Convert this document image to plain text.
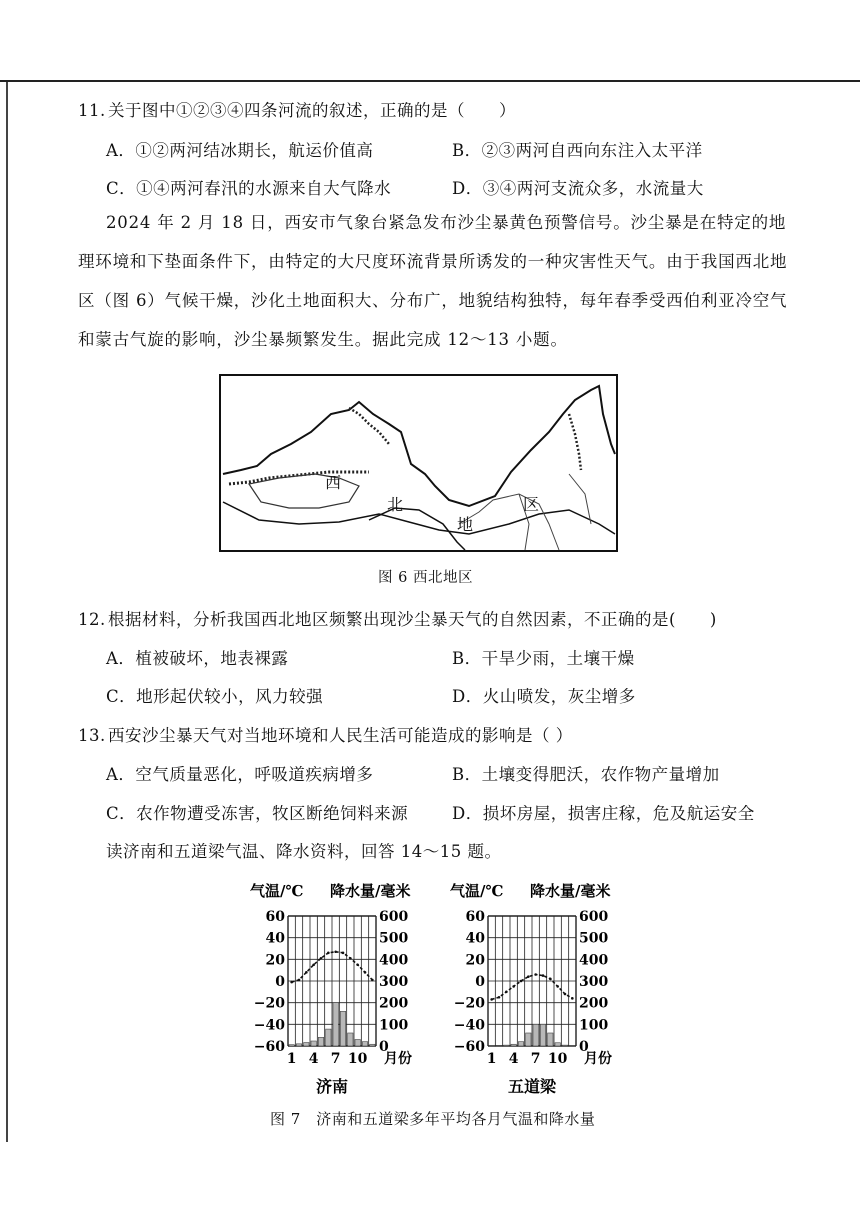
11. 关于图中①②③④四条河流的叙述，正确的是（　　）
A．①②两河结冰期长，航运价值高	B．②③两河自西向东注入太平洋
C．①④两河春汛的水源来自大气降水	D．③④两河支流众多，水流量大
2024 年 2 月 18 日，西安市气象台紧急发布沙尘暴黄色预警信号。沙尘暴是在特定的地理环境和下垫面条件下，由特定的大尺度环流背景所诱发的一种灾害性天气。由于我国西北地区（图 6）气候干燥，沙化土地面积大、分布广，地貌结构独特，每年春季受西伯利亚冷空气和蒙古气旋的影响，沙尘暴频繁发生。据此完成 12～13 小题。
西
北
地
区
图 6 西北地区
12. 根据材料，分析我国西北地区频繁出现沙尘暴天气的自然因素，不正确的是(　　)
A．植被破坏，地表裸露	B．干旱少雨，土壤干燥
C．地形起伏较小，风力较强	D．火山喷发，灰尘增多
13. 西安沙尘暴天气对当地环境和人民生活可能造成的影响是（ ）
A．空气质量恶化，呼吸道疾病增多	B．土壤变得肥沃，农作物产量增加
C．农作物遭受冻害，牧区断绝饲料来源	D．损坏房屋，损害庄稼，危及航运安全
读济南和五道梁气温、降水资料，回答 14～15 题。
气温/℃ 降水量/毫米
60
40
20
0
−20
−40
−60
600
500
400
300
200
100
0
1 4 7 10 月份
济南
气温/℃ 降水量/毫米
60
40
20
0
−20
−40
−60
600
500
400
300
200
100
0
1 4 7 10 月份
五道梁
图 7　济南和五道梁多年平均各月气温和降水量
